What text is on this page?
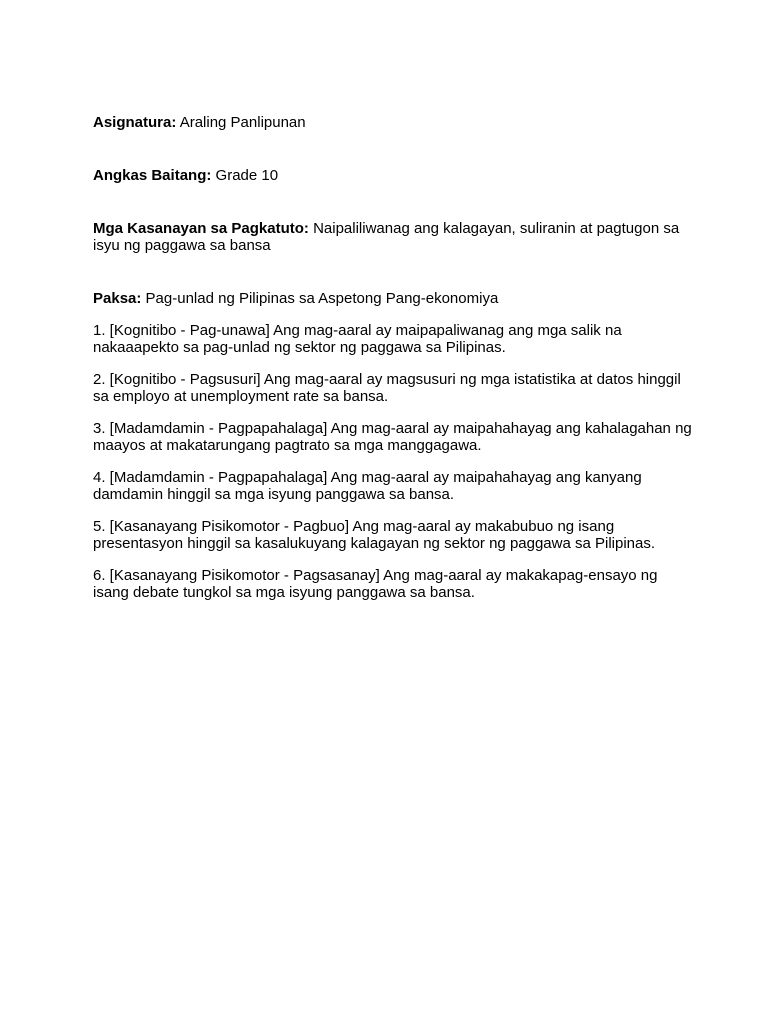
Asignatura: Araling Panlipunan

Angkas Baitang: Grade 10

Mga Kasanayan sa Pagkatuto: Naipaliliwanag ang kalagayan, suliranin at pagtugon sa isyu ng paggawa sa bansa

Paksa: Pag-unlad ng Pilipinas sa Aspetong Pang-ekonomiya

1. [Kognitibo - Pag-unawa] Ang mag-aaral ay maipapaliwanag ang mga salik na nakaaapekto sa pag-unlad ng sektor ng paggawa sa Pilipinas.

2. [Kognitibo - Pagsusuri] Ang mag-aaral ay magsusuri ng mga istatistika at datos hinggil sa employo at unemployment rate sa bansa.

3. [Madamdamin - Pagpapahalaga] Ang mag-aaral ay maipahahayag ang kahalagahan ng maayos at makatarungang pagtrato sa mga manggagawa.

4. [Madamdamin - Pagpapahalaga] Ang mag-aaral ay maipahahayag ang kanyang damdamin hinggil sa mga isyung panggawa sa bansa.

5. [Kasanayang Pisikomotor - Pagbuo] Ang mag-aaral ay makabubuo ng isang presentasyon hinggil sa kasalukuyang kalagayan ng sektor ng paggawa sa Pilipinas.

6. [Kasanayang Pisikomotor - Pagsasanay] Ang mag-aaral ay makakapag-ensayo ng isang debate tungkol sa mga isyung panggawa sa bansa.
